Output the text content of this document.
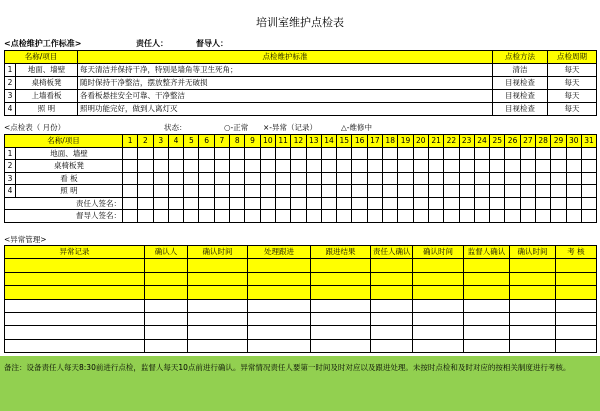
培训室维护点检表
<点检维护工作标准>	责任人：	督导人：
名称/项目		点检维护标准	点检方法	点检周期
1	地面、墙壁	每天清洁并保持干净，特别是墙角等卫生死角；	清洁	每天
2	桌椅板凳	随时保持干净整洁，摆放整齐并无破损	目视检查	每天
3	上墙看板	各看板悬挂安全可靠、干净整洁	目视检查	每天
4	照 明	照明功能完好，做到人离灯灭	目视检查	每天
<点检表（ 月份）	状态：	○-正常 ×-异常（记录）	△-维修中
名称/项目		1	2	3	4	5	6	7	8	9	10	11	12	13	14	15	16	17	18	19	20	21	22	23	24	25	26	27	28	29	30	31
1	地面、墙壁																															
2	桌椅板凳																															
3	看 板																															
4	照 明																															
责任人签名：																																
督导人签名：																																
<异常管理>
异常记录	确认人	确认时间	处理跟进	跟进结果	责任人确认	确认时间	监督人确认	确认时间	考 核

备注：设备责任人每天8:30前进行点检，监督人每天10点前进行确认。异常情况责任人要第一时间及时对应以及跟进处理。未按时点检和及时对应的按相关制度进行考核。
